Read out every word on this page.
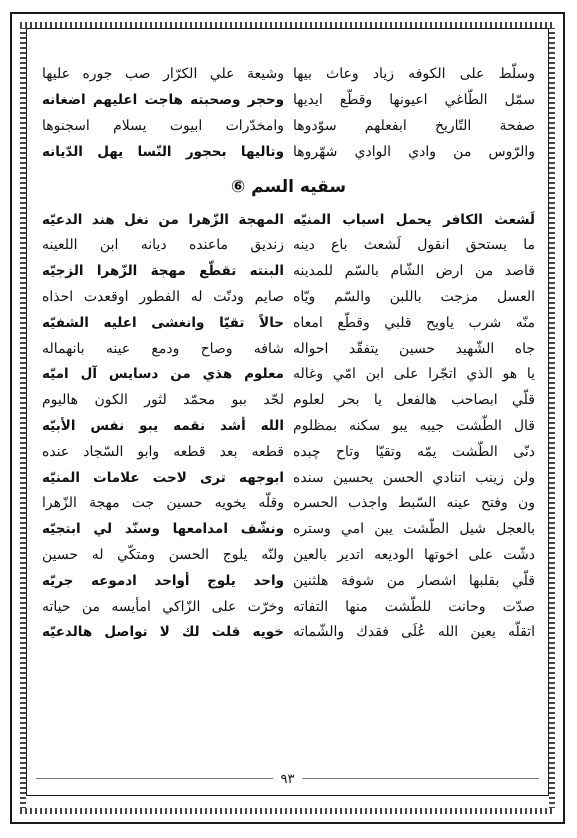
وسلّط على الكوفه زياد وعاث بيها
وشيعة علي الكرّار صب جوره عليها
سمّل الطّاغي اعيونها وقطّع ايديها
وحجر وصحبته هاجت اعليهم اضغانه
صفحة التّاريخ ابفعلهم سوّدوها
وامخدّرات ابيوت يسلام اسجنوها
والرّوس من وادي الوادي شهّروها
وتاليها بحجور النّسا يهل الدّيانه
سقيه السم ⑥
لَشعث الكافر يحمل اسباب المنيّه
المهجة الزّهرا من نغل هند الدعيّه
ما يستحق انقول لَشعث باع دينه
زنديق ماعنده ديانه ابن اللعينه
قاصد من ارض الشّام بالسّم للمدينه
البنته تقطّع مهجة الزّهرا الزجيّه
العسل مزجت باللبن والسّم ويّاه
صايم ودنّت له الفطور اوقعدت احذاه
منّه شرب ياويح قلبي وقطّع امعاه
حالاً تقيّا وانغشى اعليه الشفيّه
جاه الشّهيد حسين يتفقّد احواله
شافه وصاح ودمع عينه بانهماله
يا هو الذي اتجّرا على ابن امّي وغاله
معلوم هذي من دسايس آل اميّه
قلّي ابصاحب هالفعل يا بحر لعلوم
لحّد ببو محمّد لثور الكون هاليوم
قال الطّشت جيبه يبو سكنه بمظلوم
الله أشد نقمه يبو نفس الأبيّه
دنّى الطّشت يمّه وتقيّا وتاح چبده
قطعه بعد قطعه وابو السّجاد عنده
ولن زينب اتنادي الحسن يحسين سنده
ابوجهه ترى لاحت علامات المنيّه
ون وفتح عينه السّبط واجذب الحسره
وقلّه يخويه حسين جت مهجة الزّهرا
بالعجل شيل الطّشت يبن امي وستره
ونشّف امدامعها وسنّد لي ابتجيّه
دشّت على اخوتها الوديعه اتدير بالعين
ولنّه يلوج الحسن ومتكّي له حسين
قلّي بقلبها اشصار من شوفة هلثنين
واحد يلوج أواحد ادموعه جريّه
صدّت وحانت للطّشت منها التفاته
وخرّت على الزّاكي امأيسه من حياته
اتقلّه يعين الله عُلَى فقدك والشّماته
خويه قلت لك لا تواصل هالدعيّه
٩٣
